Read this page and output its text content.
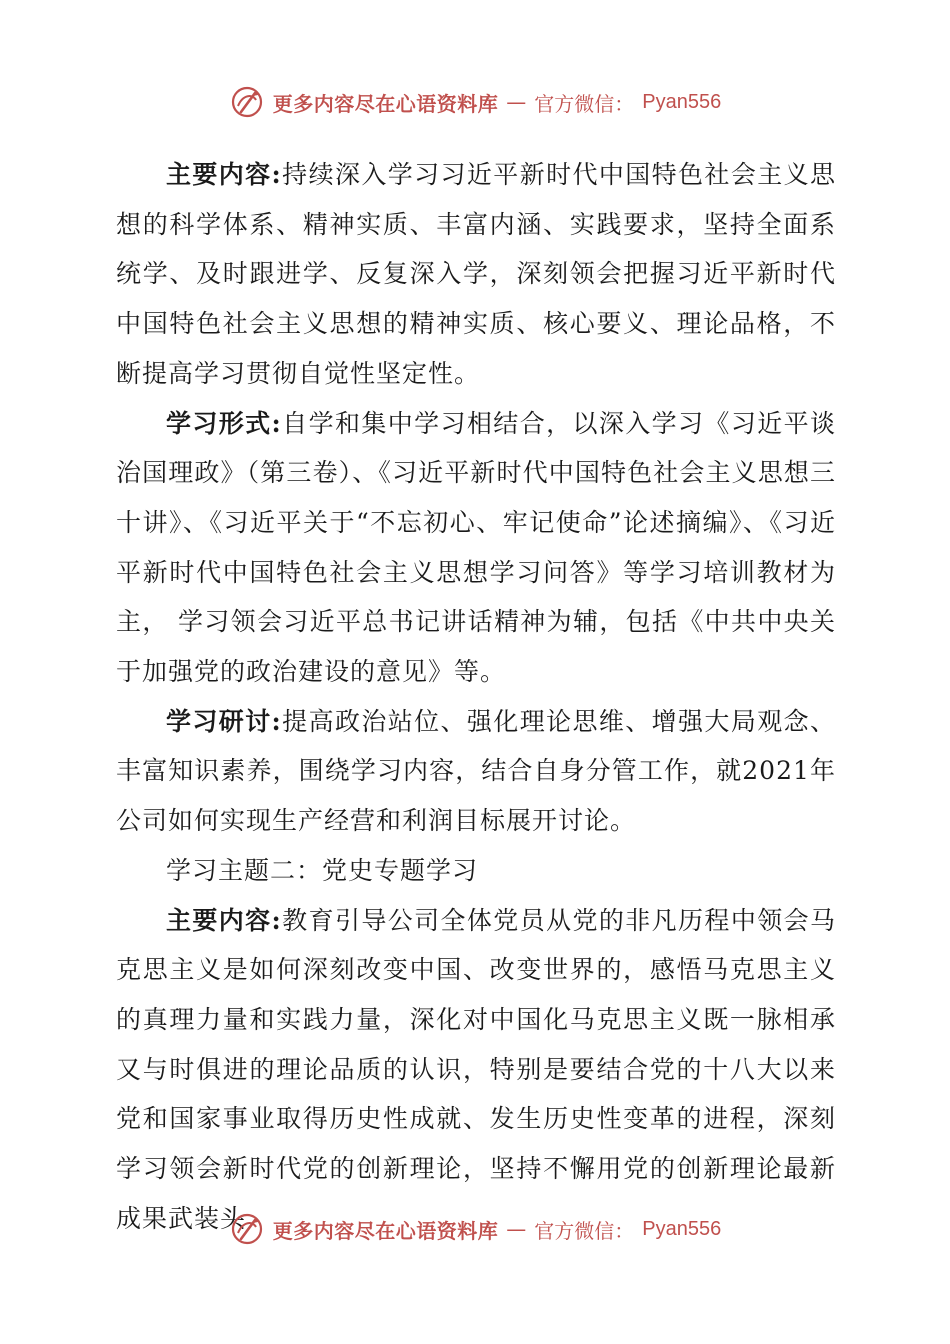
更多内容尽在心语资料库 — 官方微信： Pyan556

主要内容:持续深入学习习近平新时代中国特色社会主义思想的科学体系、精神实质、丰富内涵、实践要求，坚持全面系统学、及时跟进学、反复深入学，深刻领会把握习近平新时代中国特色社会主义思想的精神实质、核心要义、理论品格，不断提高学习贯彻自觉性坚定性。

学习形式:自学和集中学习相结合，以深入学习《习近平谈治国理政》（第三卷）、《习近平新时代中国特色社会主义思想三十讲》、《习近平关于“不忘初心、牢记使命”论述摘编》、《习近平新时代中国特色社会主义思想学习问答》等学习培训教材为主， 学习领会习近平总书记讲话精神为辅，包括《中共中央关于加强党的政治建设的意见》等。

学习研讨:提高政治站位、强化理论思维、增强大局观念、丰富知识素养，围绕学习内容，结合自身分管工作，就2021年公司如何实现生产经营和利润目标展开讨论。

学习主题二：党史专题学习

主要内容:教育引导公司全体党员从党的非凡历程中领会马克思主义是如何深刻改变中国、改变世界的，感悟马克思主义的真理力量和实践力量，深化对中国化马克思主义既一脉相承又与时俱进的理论品质的认识，特别是要结合党的十八大以来党和国家事业取得历史性成就、发生历史性变革的进程，深刻学习领会新时代党的创新理论，坚持不懈用党的创新理论最新成果武装头	更多内容尽在心语资料库 — 官方微信： Pyan556
